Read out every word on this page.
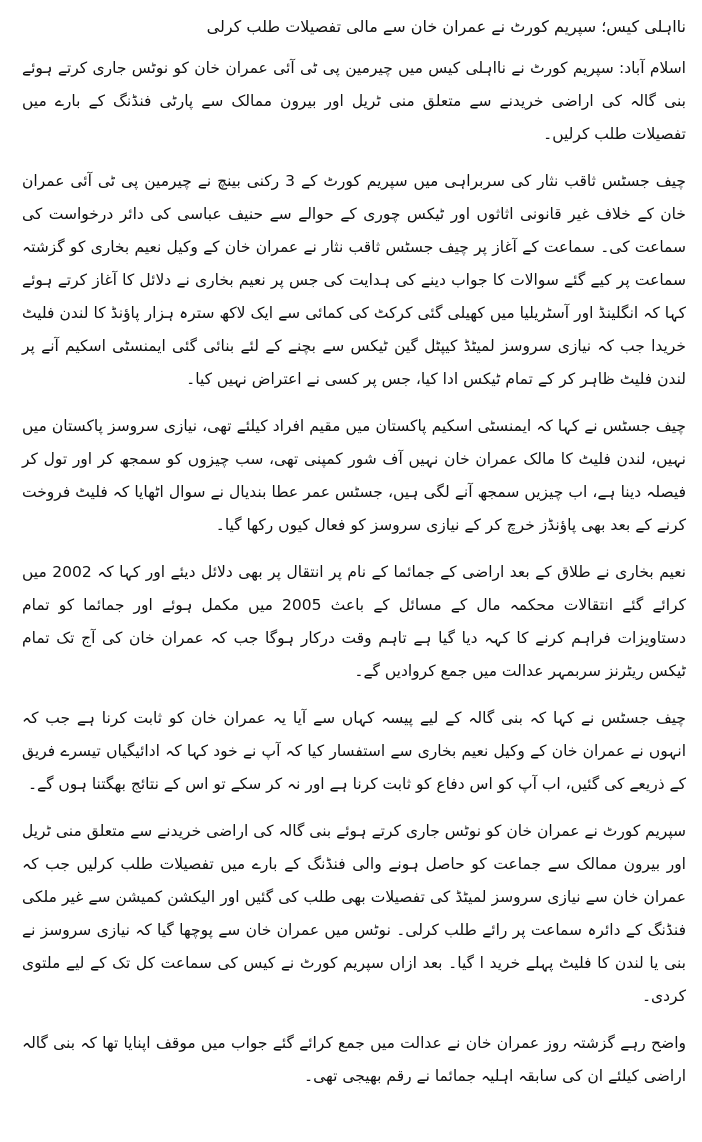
نااہلی کیس؛ سپریم کورٹ نے عمران خان سے مالی تفصیلات طلب کرلی

اسلام آباد: سپریم کورٹ نے نااہلی کیس میں چیرمین پی ٹی آئی عمران خان کو نوٹس جاری کرتے ہوئے بنی گالہ کی اراضی خریدنے سے متعلق منی ٹریل اور بیرون ممالک سے پارٹی فنڈنگ کے بارے میں تفصیلات طلب کرلیں۔

چیف جسٹس ثاقب نثار کی سربراہی میں سپریم کورٹ کے 3 رکنی بینچ نے چیرمین پی ٹی آئی عمران خان کے خلاف غیر قانونی اثاثوں اور ٹیکس چوری کے حوالے سے حنیف عباسی کی دائر درخواست کی سماعت کی۔ سماعت کے آغاز پر چیف جسٹس ثاقب نثار نے عمران خان کے وکیل نعیم بخاری کو گزشتہ سماعت پر کیے گئے سوالات کا جواب دینے کی ہدایت کی جس پر نعیم بخاری نے دلائل کا آغاز کرتے ہوئے کہا کہ انگلینڈ اور آسٹریلیا میں کھیلی گئی کرکٹ کی کمائی سے ایک لاکھ سترہ ہزار پاؤنڈ کا لندن فلیٹ خریدا جب کہ نیازی سروسز لمیٹڈ کیپٹل گین ٹیکس سے بچنے کے لئے بنائی گئی ایمنسٹی اسکیم آنے پر لندن فلیٹ ظاہر کر کے تمام ٹیکس ادا کیا، جس پر کسی نے اعتراض نہیں کیا۔

چیف جسٹس نے کہا کہ ایمنسٹی اسکیم پاکستان میں مقیم افراد کیلئے تھی، نیازی سروسز پاکستان میں نہیں، لندن فلیٹ کا مالک عمران خان نہیں آف شور کمپنی تھی، سب چیزوں کو سمجھ کر اور تول کر فیصلہ دینا ہے، اب چیزیں سمجھ آنے لگی ہیں، جسٹس عمر عطا بندیال نے سوال اٹھایا کہ فلیٹ فروخت کرنے کے بعد بھی پاؤنڈز خرچ کر کے نیازی سروسز کو فعال کیوں رکھا گیا۔

نعیم بخاری نے طلاق کے بعد اراضی کے جمائما کے نام پر انتقال پر بھی دلائل دیئے اور کہا کہ 2002 میں کرائے گئے انتقالات محکمہ مال کے مسائل کے باعث 2005 میں مکمل ہوئے اور جمائما کو تمام دستاویزات فراہم کرنے کا کہہ دیا گیا ہے تاہم وقت درکار ہوگا جب کہ عمران خان کی آج تک تمام ٹیکس ریٹرنز سربمہر عدالت میں جمع کروادیں گے۔

چیف جسٹس نے کہا کہ بنی گالہ کے لیے پیسہ کہاں سے آیا یہ عمران خان کو ثابت کرنا ہے جب کہ انہوں نے عمران خان کے وکیل نعیم بخاری سے استفسار کیا کہ آپ نے خود کہا کہ ادائیگیاں تیسرے فریق کے ذریعے کی گئیں، اب آپ کو اس دفاع کو ثابت کرنا ہے اور نہ کر سکے تو اس کے نتائج بھگتنا ہوں گے۔

سپریم کورٹ نے عمران خان کو نوٹس جاری کرتے ہوئے بنی گالہ کی اراضی خریدنے سے متعلق منی ٹریل اور بیرون ممالک سے جماعت کو حاصل ہونے والی فنڈنگ کے بارے میں تفصیلات طلب کرلیں جب کہ عمران خان سے نیازی سروسز لمیٹڈ کی تفصیلات بھی طلب کی گئیں اور الیکشن کمیشن سے غیر ملکی فنڈنگ کے دائرہ سماعت پر رائے طلب کرلی۔ نوٹس میں عمران خان سے پوچھا گیا کہ نیازی سروسز نے بنی یا لندن کا فلیٹ پہلے خرید ا گیا۔ بعد ازاں سپریم کورٹ نے کیس کی سماعت کل تک کے لیے ملتوی کردی۔

واضح رہے گزشتہ روز عمران خان نے عدالت میں جمع کرائے گئے جواب میں موقف اپنایا تھا کہ بنی گالہ اراضی کیلئے ان کی سابقہ اہلیہ جمائما نے رقم بھیجی تھی۔
